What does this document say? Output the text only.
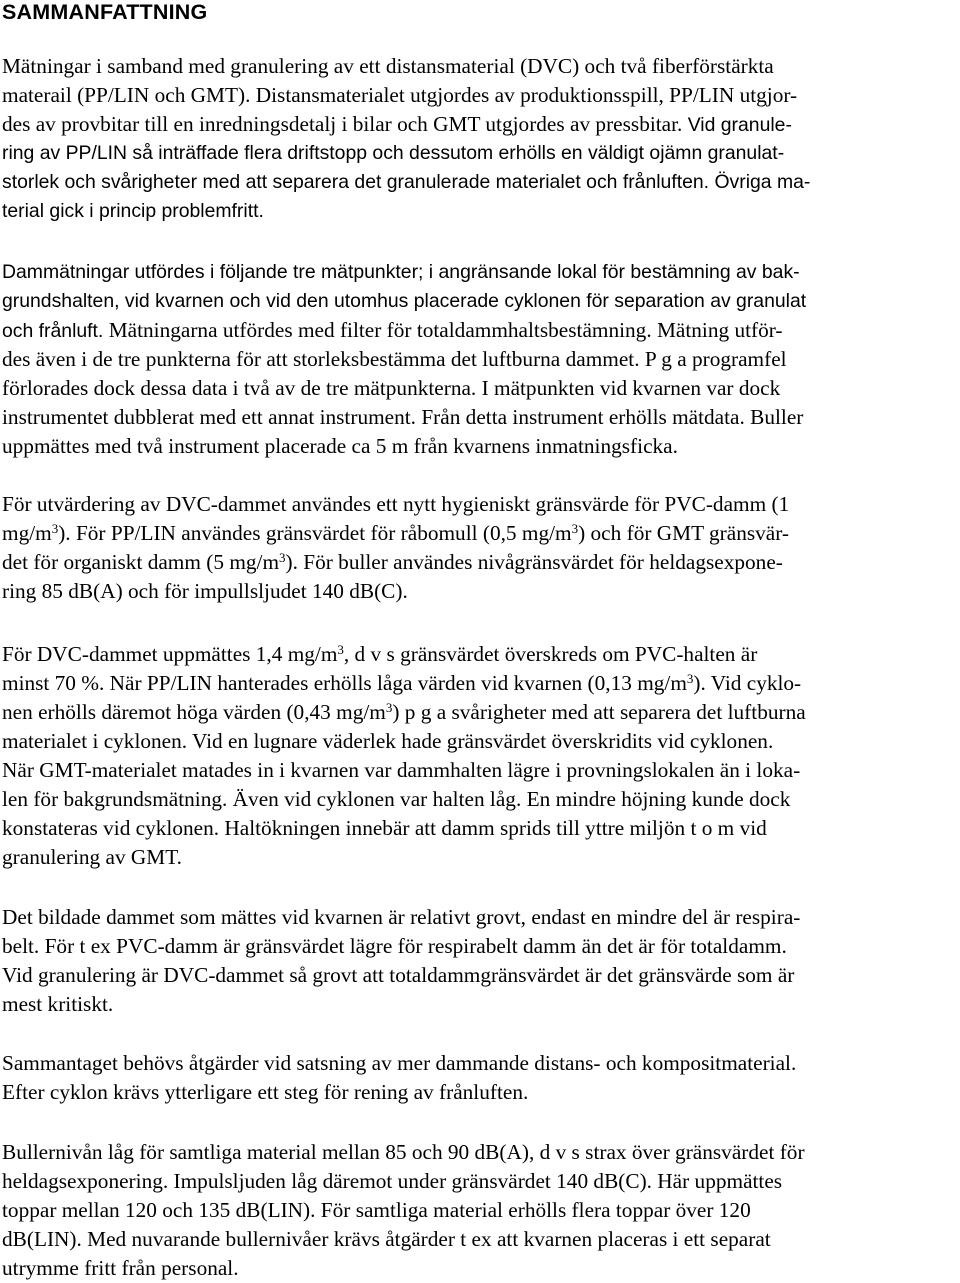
SAMMANFATTNING
Mätningar i samband med granulering av ett distansmaterial (DVC) och två fiberförstärkta
materail (PP/LIN och GMT). Distansmaterialet utgjordes av produktionsspill, PP/LIN utgjor-
des av provbitar till en inredningsdetalj i bilar och GMT utgjordes av pressbitar. Vid granule-
ring av PP/LIN så inträffade flera driftstopp och dessutom erhölls en väldigt ojämn granulat-
storlek och svårigheter med att separera det granulerade materialet och frånluften. Övriga ma-
terial gick i princip problemfritt.
Dammätningar utfördes i följande tre mätpunkter; i angränsande lokal för bestämning av bak-
grundshalten, vid kvarnen och vid den utomhus placerade cyklonen för separation av granulat
och frånluft. Mätningarna utfördes med filter för totaldammhaltsbestämning. Mätning utför-
des även i de tre punkterna för att storleksbestämma det luftburna dammet. P g a programfel
förlorades dock dessa data i två av de tre mätpunkterna. I mätpunkten vid kvarnen var dock
instrumentet dubblerat med ett annat instrument. Från detta instrument erhölls mätdata. Buller
uppmättes med två instrument placerade ca 5 m från kvarnens inmatningsficka.
För utvärdering av DVC-dammet användes ett nytt hygieniskt gränsvärde för PVC-damm (1
$mg/m^3$). För PP/LIN användes gränsvärdet för råbomull (0,5 $mg/m^3$) och för GMT gränsvär-
det för organiskt damm (5 $mg/m^3$). För buller användes nivågränsvärdet för heldagsexpone-
ring 85 dB(A) och för impullsljudet 140 dB(C).
För DVC-dammet uppmättes 1,4 $mg/m^3$, d v s gränsvärdet överskreds om PVC-halten är
minst 70 %. När PP/LIN hanterades erhölls låga värden vid kvarnen (0,13 $mg/m^3$). Vid cyklo-
nen erhölls däremot höga värden (0,43 $mg/m^3$) p g a svårigheter med att separera det luftburna
materialet i cyklonen. Vid en lugnare väderlek hade gränsvärdet överskridits vid cyklonen.
När GMT-materialet matades in i kvarnen var dammhalten lägre i provningslokalen än i loka-
len för bakgrundsmätning. Även vid cyklonen var halten låg. En mindre höjning kunde dock
konstateras vid cyklonen. Haltökningen innebär att damm sprids till yttre miljön t o m vid
granulering av GMT.
Det bildade dammet som mättes vid kvarnen är relativt grovt, endast en mindre del är respira-
belt. För t ex PVC-damm är gränsvärdet lägre för respirabelt damm än det är för totaldamm.
Vid granulering är DVC-dammet så grovt att totaldammgränsvärdet är det gränsvärde som är
mest kritiskt.
Sammantaget behövs åtgärder vid satsning av mer dammande distans- och kompositmaterial.
Efter cyklon krävs ytterligare ett steg för rening av frånluften.
Bullernivån låg för samtliga material mellan 85 och 90 dB(A), d v s strax över gränsvärdet för
heldagsexponering. Impulsljuden låg däremot under gränsvärdet 140 dB(C). Här uppmättes
toppar mellan 120 och 135 dB(LIN). För samtliga material erhölls flera toppar över 120
dB(LIN). Med nuvarande bullernivåer krävs åtgärder t ex att kvarnen placeras i ett separat
utrymme fritt från personal.
